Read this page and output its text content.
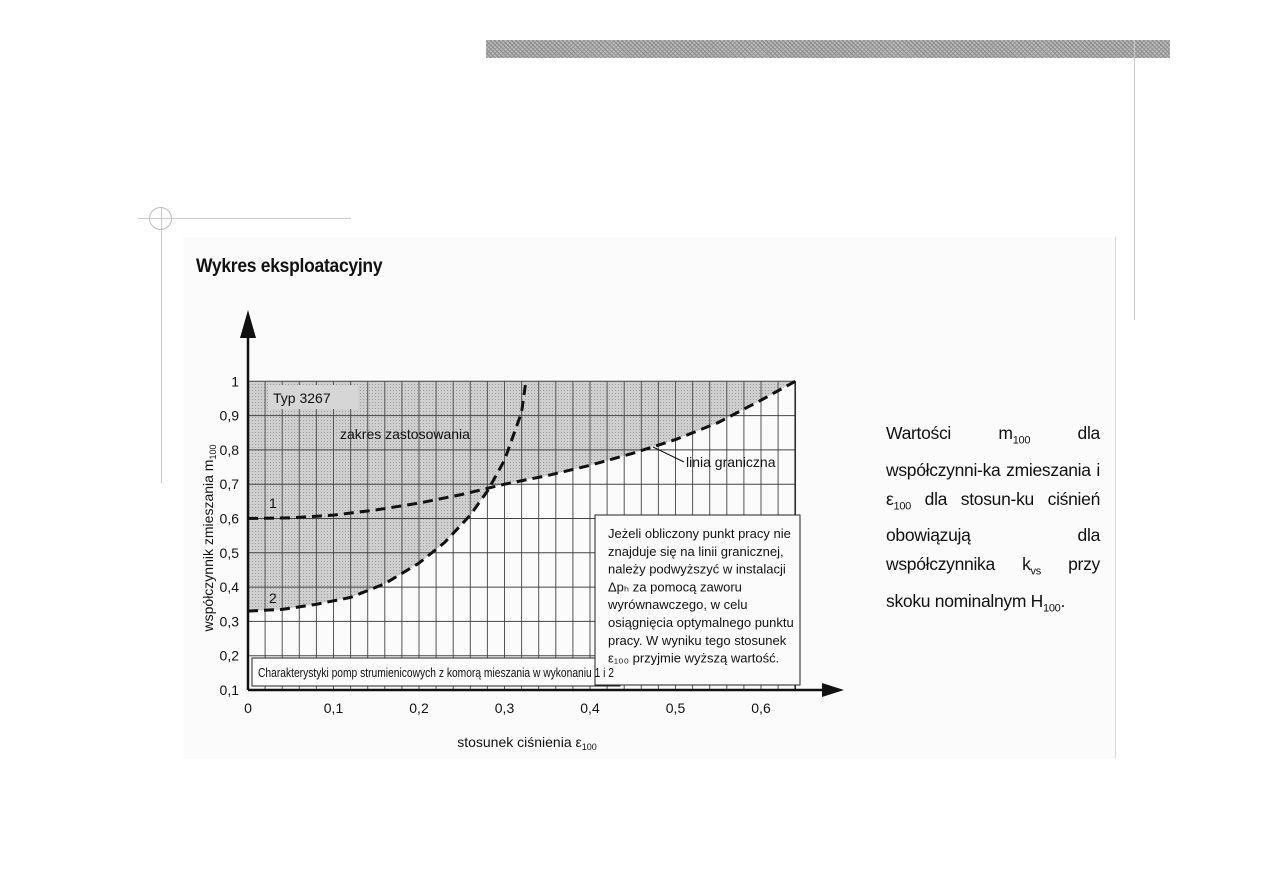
Wykres eksploatacyjny
1
2
0,1
0,2
0,3
0,4
0,5
0,6
0,7
0,8
0,9
1
0	0,1	0,2	0,3	0,4	0,5	0,6
stosunek ciśnienia $\varepsilon_{100}$
współczynnik zmieszania $m_{100}$
Typ 3267
zakres zastosowania
linia graniczna
Charakterystyki pomp strumienicowych z komorą mieszania w wykonaniu 1 i 2
Jeżeli obliczony punkt pracy nie
znajduje się na linii granicznej,
należy podwyższyć w instalacji
Δpₕ za pomocą zaworu
wyrównawczego, w celu
osiągnięcia optymalnego punktu
pracy. W wyniku tego stosunek
ε₁₀₀ przyjmie wyższą wartość.
Wartości $m_{100}$ dla współczynni-ka zmieszania i $\varepsilon_{100}$ dla stosun-ku ciśnień obowiązują dla współczynnika $k_{vs}$ przy skoku nominalnym $H_{100}$.
